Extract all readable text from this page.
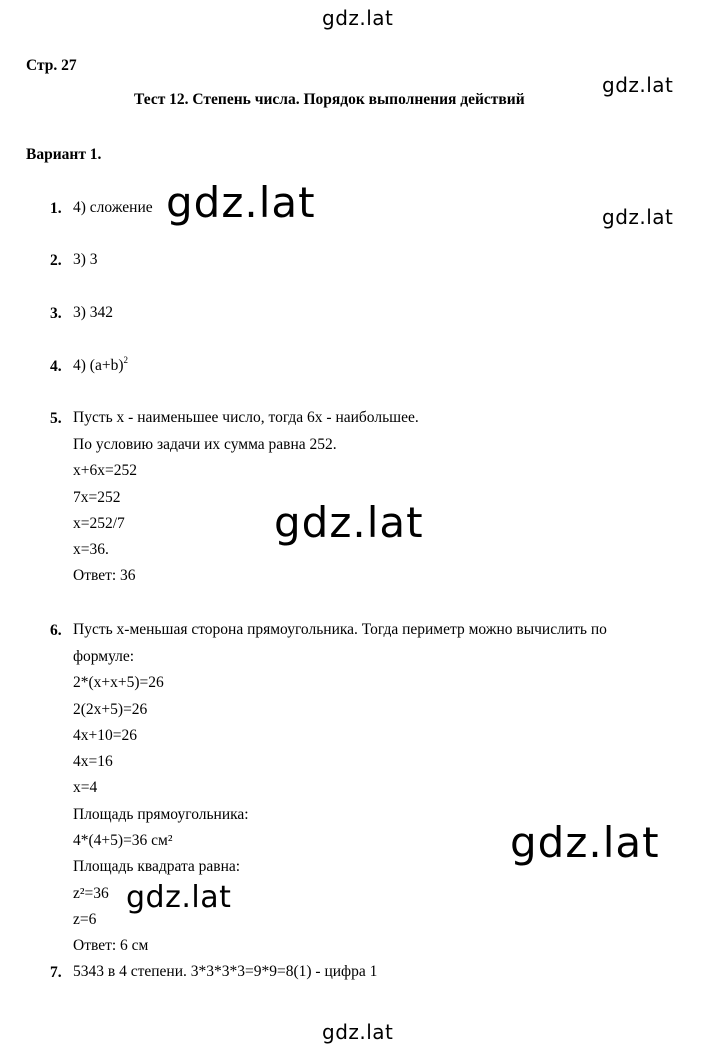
gdz.lat
gdz.lat
gdz.lat
gdz.lat
gdz.lat
gdz.lat
gdz.lat
gdz.lat
Стр. 27
Тест 12. Степень числа. Порядок выполнения действий
Вариант 1.
1. 4) сложение
2. 3) 3
3. 3) 342
4. 4) $(a+b)^2$
5. Пусть x - наименьшее число, тогда 6x - наибольшее.
По условию задачи их сумма равна 252.
x+6x=252
7x=252
x=252/7
x=36.
Ответ: 36
6. Пусть x-меньшая сторона прямоугольника. Тогда периметр можно вычислить по
формуле:
2*(x+x+5)=26
2(2x+5)=26
4x+10=26
4x=16
x=4
Площадь прямоугольника:
4*(4+5)=36 см²
Площадь квадрата равна:
z²=36
z=6
Ответ: 6 см
7. 5343 в 4 степени. 3*3*3*3=9*9=8(1) - цифра 1
